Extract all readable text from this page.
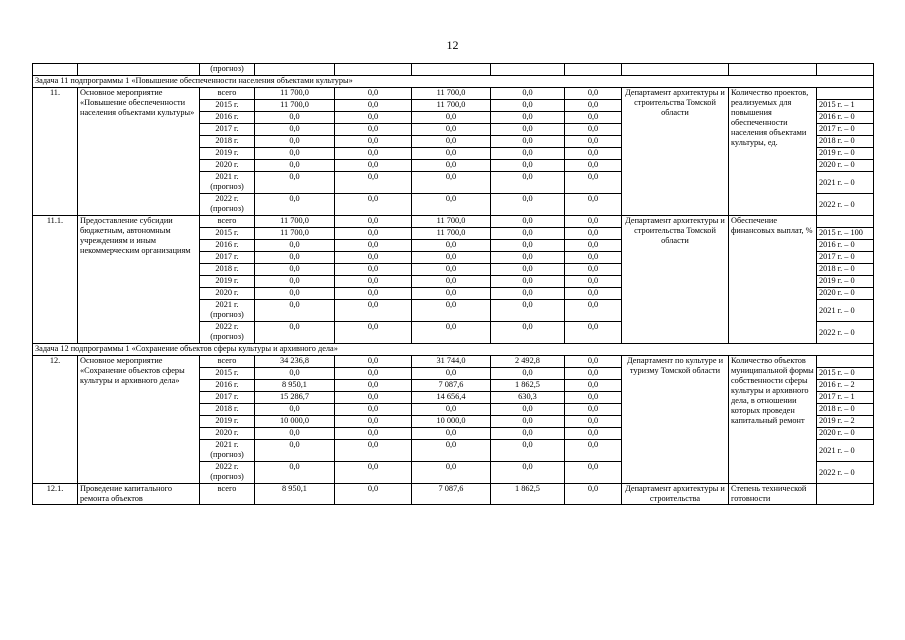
12
		(прогноз)								
Задача 11 подпрограммы 1 «Повышение обеспеченности населения объектами культуры»										
11.	Основное мероприятие «Повышение обеспеченности населения объектами культуры»	всего	11 700,0	0,0	11 700,0	0,0	0,0	Департамент архитектуры и строительства Томской области	Количество проектов, реализуемых для повышения обеспеченности населения объектами культуры, ед.	
		2015 г.	11 700,0	0,0	11 700,0	0,0	0,0			2015 г. – 1
		2016 г.	0,0	0,0	0,0	0,0	0,0			2016 г. – 0
		2017 г.	0,0	0,0	0,0	0,0	0,0			2017 г. – 0
		2018 г.	0,0	0,0	0,0	0,0	0,0			2018 г. – 0
		2019 г.	0,0	0,0	0,0	0,0	0,0			2019 г. – 0
		2020 г.	0,0	0,0	0,0	0,0	0,0			2020 г. – 0
		2021 г. (прогноз)	0,0	0,0	0,0	0,0	0,0			2021 г. – 0
		2022 г. (прогноз)	0,0	0,0	0,0	0,0	0,0			2022 г. – 0
11.1.	Предоставление субсидии бюджетным, автономным учреждениям и иным некоммерческим организациям	всего	11 700,0	0,0	11 700,0	0,0	0,0	Департамент архитектуры и строительства Томской области	Обеспечение финансовых выплат, %	
		2015 г.	11 700,0	0,0	11 700,0	0,0	0,0			2015 г. – 100
		2016 г.	0,0	0,0	0,0	0,0	0,0			2016 г. – 0
		2017 г.	0,0	0,0	0,0	0,0	0,0			2017 г. – 0
		2018 г.	0,0	0,0	0,0	0,0	0,0			2018 г. – 0
		2019 г.	0,0	0,0	0,0	0,0	0,0			2019 г. – 0
		2020 г.	0,0	0,0	0,0	0,0	0,0			2020 г. – 0
		2021 г. (прогноз)	0,0	0,0	0,0	0,0	0,0			2021 г. – 0
		2022 г. (прогноз)	0,0	0,0	0,0	0,0	0,0			2022 г. – 0
Задача 12 подпрограммы 1 «Сохранение объектов сферы культуры и архивного дела»										
12.	Основное мероприятие «Сохранение объектов сферы культуры и архивного дела»	всего	34 236,8	0,0	31 744,0	2 492,8	0,0	Департамент по культуре и туризму Томской области	Количество объектов муниципальной формы собственности сферы культуры и архивного дела, в отношении которых проведен капитальный ремонт	
		2015 г.	0,0	0,0	0,0	0,0	0,0			2015 г. – 0
		2016 г.	8 950,1	0,0	7 087,6	1 862,5	0,0			2016 г. – 2
		2017 г.	15 286,7	0,0	14 656,4	630,3	0,0			2017 г. – 1
		2018 г.	0,0	0,0	0,0	0,0	0,0			2018 г. – 0
		2019 г.	10 000,0	0,0	10 000,0	0,0	0,0			2019 г. – 2
		2020 г.	0,0	0,0	0,0	0,0	0,0			2020 г. – 0
		2021 г. (прогноз)	0,0	0,0	0,0	0,0	0,0			2021 г. – 0
		2022 г. (прогноз)	0,0	0,0	0,0	0,0	0,0			2022 г. – 0
12.1.	Проведение капитального ремонта объектов	всего	8 950,1	0,0	7 087,6	1 862,5	0,0	Департамент архитектуры и строительства	Степень технической готовности	
